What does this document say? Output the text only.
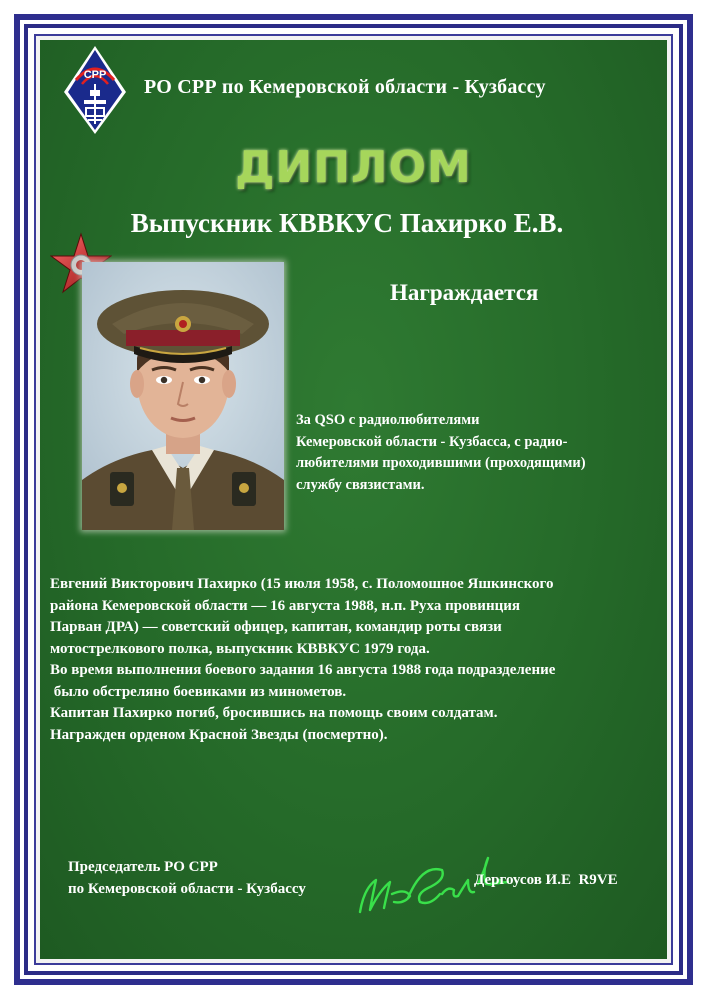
CPP
РО СРР по Кемеровской области - Кузбассу
ДИПЛОМ
Выпускник КВВКУС Пахирко Е.В.
Награждается
За QSO с радиолюбителями
Кемеровской области - Кузбасса, с радио-
любителями проходившими (проходящими)
службу связистами.
Евгений Викторович Пахирко (15 июля 1958, с. Поломошное Яшкинского
района Кемеровской области — 16 августа 1988, н.п. Руха провинция
Парван ДРА) — советский офицер, капитан, командир роты связи
мотострелкового полка, выпускник КВВКУС 1979 года.
Во время выполнения боевого задания 16 августа 1988 года подразделение
было обстреляно боевиками из минометов.
Капитан Пахирко погиб, бросившись на помощь своим солдатам.
Награжден орденом Красной Звезды (посмертно).
Председатель РО СРР
по Кемеровской области - Кузбассу
Дергоусов И.Е  R9VE
